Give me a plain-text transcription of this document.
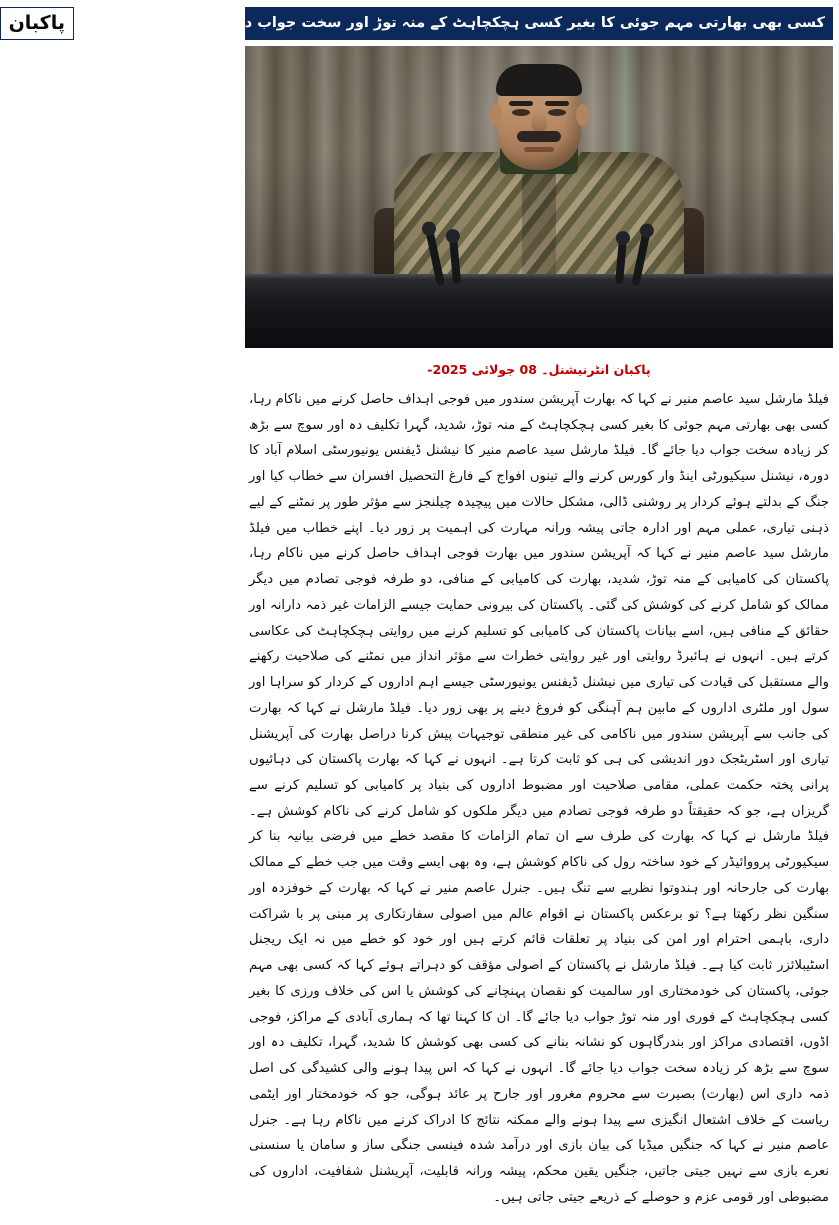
کسی بھی بھارتی مہم جوئی کا بغیر کسی ہچکچاہٹ کے منہ توڑ اور سخت جواب دیا جائے گا۔ فیلڈ مارشل
پاکبان
پاکبان انٹرنیشنل۔ 08 جولائی 2025-

فیلڈ مارشل سید عاصم منیر نے کہا کہ بھارت آپریشن سندور میں فوجی اہداف حاصل کرنے میں ناکام رہا، کسی بھی بھارتی مہم جوئی کا بغیر کسی ہچکچاہٹ کے منہ توڑ، شدید، گہرا تکلیف دہ اور سوچ سے بڑھ کر زیادہ سخت جواب دیا جائے گا۔ فیلڈ مارشل سید عاصم منیر کا نیشنل ڈیفنس یونیورسٹی اسلام آباد کا دورہ، نیشنل سیکیورٹی اینڈ وار کورس کرنے والے تینوں افواج کے فارغ التحصیل افسران سے خطاب کیا اور جنگ کے بدلتے ہوئے کردار پر روشنی ڈالی، مشکل حالات میں پیچیدہ چیلنجز سے مؤثر طور پر نمٹنے کے لیے ذہنی تیاری، عملی مہم اور ادارہ جاتی پیشہ ورانہ مہارت کی اہمیت پر زور دیا۔ اپنے خطاب میں فیلڈ مارشل سید عاصم منیر نے کہا کہ آپریشن سندور میں بھارت فوجی اہداف حاصل کرنے میں ناکام رہا، پاکستان کی کامیابی کے منہ توڑ، شدید، بھارت کی کامیابی کے منافی، دو طرفہ فوجی تصادم میں دیگر ممالک کو شامل کرنے کی کوشش کی گئی۔ پاکستان کی بیرونی حمایت جیسے الزامات غیر ذمہ دارانہ اور حقائق کے منافی ہیں، اسے بیانات پاکستان کی کامیابی کو تسلیم کرنے میں روایتی ہچکچاہٹ کی عکاسی کرتے ہیں۔ انہوں نے ہائبرڈ روایتی اور غیر روایتی خطرات سے مؤثر انداز میں نمٹنے کی صلاحیت رکھنے والے مستقبل کی قیادت کی تیاری میں نیشنل ڈیفنس یونیورسٹی جیسے اہم اداروں کے کردار کو سراہا اور سول اور ملٹری اداروں کے مابین ہم آہنگی کو فروغ دینے پر بھی زور دیا۔ فیلڈ مارشل نے کہا کہ بھارت کی جانب سے آپریشن سندور میں ناکامی کی غیر منطقی توجیہات پیش کرنا دراصل بھارت کی آپریشنل تیاری اور اسٹریٹجک دور اندیشی کی ہی کو ثابت کرتا ہے۔ انہوں نے کہا کہ بھارت پاکستان کی دہائیوں پرانی پختہ حکمت عملی، مقامی صلاحیت اور مضبوط اداروں کی بنیاد پر کامیابی کو تسلیم کرنے سے گریزاں ہے، جو کہ حقیقتاً دو طرفہ فوجی تصادم میں دیگر ملکوں کو شامل کرنے کی ناکام کوشش ہے۔ فیلڈ مارشل نے کہا کہ بھارت کی طرف سے ان تمام الزامات کا مقصد خطے میں فرضی بیانیہ بنا کر سیکیورٹی پرووائیڈر کے خود ساختہ رول کی ناکام کوشش ہے، وہ بھی ایسے وقت میں جب خطے کے ممالک بھارت کی جارحانہ اور ہندوتوا نظریے سے تنگ ہیں۔ جنرل عاصم منیر نے کہا کہ بھارت کے خوفزدہ اور سنگین نظر رکھتا ہے؟ تو برعکس پاکستان نے اقوام عالم میں اصولی سفارتکاری پر مبنی پر با شراکت داری، باہمی احترام اور امن کی بنیاد پر تعلقات قائم کرتے ہیں اور خود کو خطے میں نہ ایک ریجنل اسٹیبلائزر ثابت کیا ہے۔ فیلڈ مارشل نے پاکستان کے اصولی مؤقف کو دہراتے ہوئے کہا کہ کسی بھی مہم جوئی، پاکستان کی خودمختاری اور سالمیت کو نقصان پہنچانے کی کوشش یا اس کی خلاف ورزی کا بغیر کسی ہچکچاہٹ کے فوری اور منہ توڑ جواب دیا جائے گا۔ ان کا کہنا تھا کہ ہماری آبادی کے مراکز، فوجی اڈوں، اقتصادی مراکز اور بندرگاہوں کو نشانہ بنانے کی کسی بھی کوشش کا شدید، گہرا، تکلیف دہ اور سوچ سے بڑھ کر زیادہ سخت جواب دیا جائے گا۔ انہوں نے کہا کہ اس پیدا ہونے والی کشیدگی کی اصل ذمہ داری اس (بھارت) بصیرت سے محروم مغرور اور جارح پر عائد ہوگی، جو کہ خودمختار اور ایٹمی ریاست کے خلاف اشتعال انگیزی سے پیدا ہونے والے ممکنہ نتائج کا ادراک کرنے میں ناکام رہا ہے۔ جنرل عاصم منیر نے کہا کہ جنگیں میڈیا کی بیان بازی اور درآمد شدہ فینسی جنگی ساز و سامان یا سنسنی نعرے بازی سے نہیں جیتی جاتیں، جنگیں یقین محکم، پیشہ ورانہ قابلیت، آپریشنل شفافیت، اداروں کی مضبوطی اور قومی عزم و حوصلے کے ذریعے جیتی جاتی ہیں۔
